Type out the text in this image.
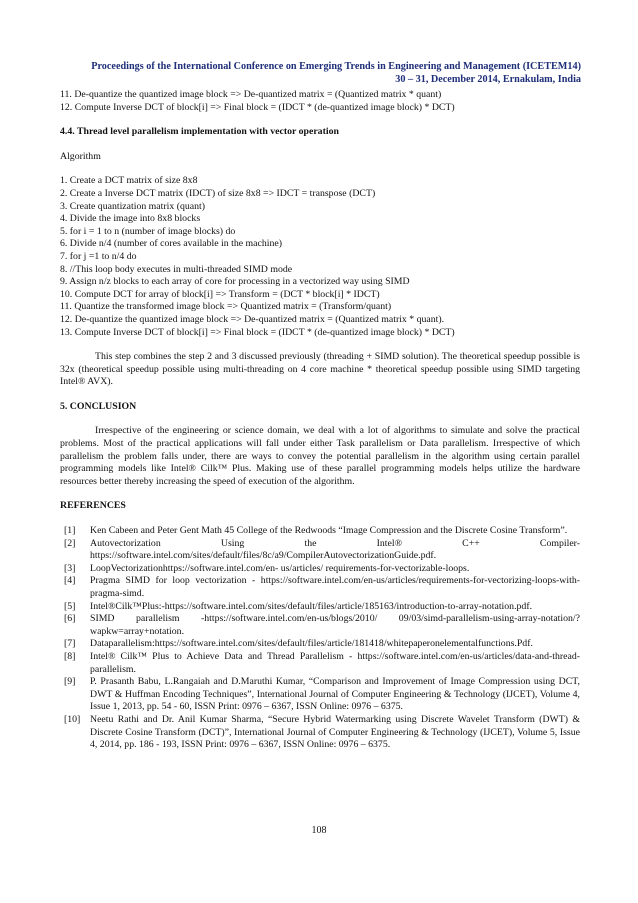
Proceedings of the International Conference on Emerging Trends in Engineering and Management (ICETEM14)
30 – 31, December 2014, Ernakulam, India
11. De-quantize the quantized image block => De-quantized matrix = (Quantized matrix * quant)
12. Compute Inverse DCT of block[i] => Final block = (IDCT * (de-quantized image block) * DCT)
4.4. Thread level parallelism implementation with vector operation
Algorithm
1. Create a DCT matrix of size 8x8
2. Create a Inverse DCT matrix (IDCT) of size 8x8 => IDCT = transpose (DCT)
3. Create quantization matrix (quant)
4. Divide the image into 8x8 blocks
5. for i = 1 to n (number of image blocks) do
6. Divide n/4 (number of cores available in the machine)
7. for j =1 to n/4 do
8. //This loop body executes in multi-threaded SIMD mode
9. Assign n/z blocks to each array of core for processing in a vectorized way using SIMD
10. Compute DCT for array of block[i] => Transform = (DCT * block[i] * IDCT)
11. Quantize the transformed image block => Quantized matrix = (Transform/quant)
12. De-quantize the quantized image block => De-quantized matrix = (Quantized matrix * quant).
13. Compute Inverse DCT of block[i] => Final block = (IDCT * (de-quantized image block) * DCT)
This step combines the step 2 and 3 discussed previously (threading + SIMD solution). The theoretical speedup possible is 32x (theoretical speedup possible using multi-threading on 4 core machine * theoretical speedup possible using SIMD targeting Intel® AVX).
5. CONCLUSION
Irrespective of the engineering or science domain, we deal with a lot of algorithms to simulate and solve the practical problems. Most of the practical applications will fall under either Task parallelism or Data parallelism. Irrespective of which parallelism the problem falls under, there are ways to convey the potential parallelism in the algorithm using certain parallel programming models like Intel® Cilk™ Plus. Making use of these parallel programming models helps utilize the hardware resources better thereby increasing the speed of execution of the algorithm.
REFERENCES
[1]	Ken Cabeen and Peter Gent Math 45 College of the Redwoods “Image Compression and the Discrete Cosine Transform”.
[2]	Autovectorization Using the Intel® C++ Compiler- https://software.intel.com/sites/default/files/8c/a9/CompilerAutovectorizationGuide.pdf.
[3]	LoopVectorizationhttps://software.intel.com/en- us/articles/ requirements-for-vectorizable-loops.
[4]	Pragma SIMD for loop vectorization - https://software.intel.com/en-us/articles/requirements-for-vectorizing-loops-with-pragma-simd.
[5]	Intel®Cilk™Plus:-https://software.intel.com/sites/default/files/article/185163/introduction-to-array-notation.pdf.
[6]	SIMD parallelism -https://software.intel.com/en-us/blogs/2010/ 09/03/simd-parallelism-using-array-notation/?wapkw=array+notation.
[7]	Dataparallelism:https://software.intel.com/sites/default/files/article/181418/whitepaperonelementalfunctions.Pdf.
[8]	Intel® Cilk™ Plus to Achieve Data and Thread Parallelism - https://software.intel.com/en-us/articles/data-and-thread-parallelism.
[9]	P. Prasanth Babu, L.Rangaiah and D.Maruthi Kumar, “Comparison and Improvement of Image Compression using DCT, DWT & Huffman Encoding Techniques”, International Journal of Computer Engineering & Technology (IJCET), Volume 4, Issue 1, 2013, pp. 54 - 60, ISSN Print: 0976 – 6367, ISSN Online: 0976 – 6375.
[10] Neetu Rathi and Dr. Anil Kumar Sharma, “Secure Hybrid Watermarking using Discrete Wavelet Transform (DWT) & Discrete Cosine Transform (DCT)”, International Journal of Computer Engineering & Technology (IJCET), Volume 5, Issue 4, 2014, pp. 186 - 193, ISSN Print: 0976 – 6367, ISSN Online: 0976 – 6375.
108
